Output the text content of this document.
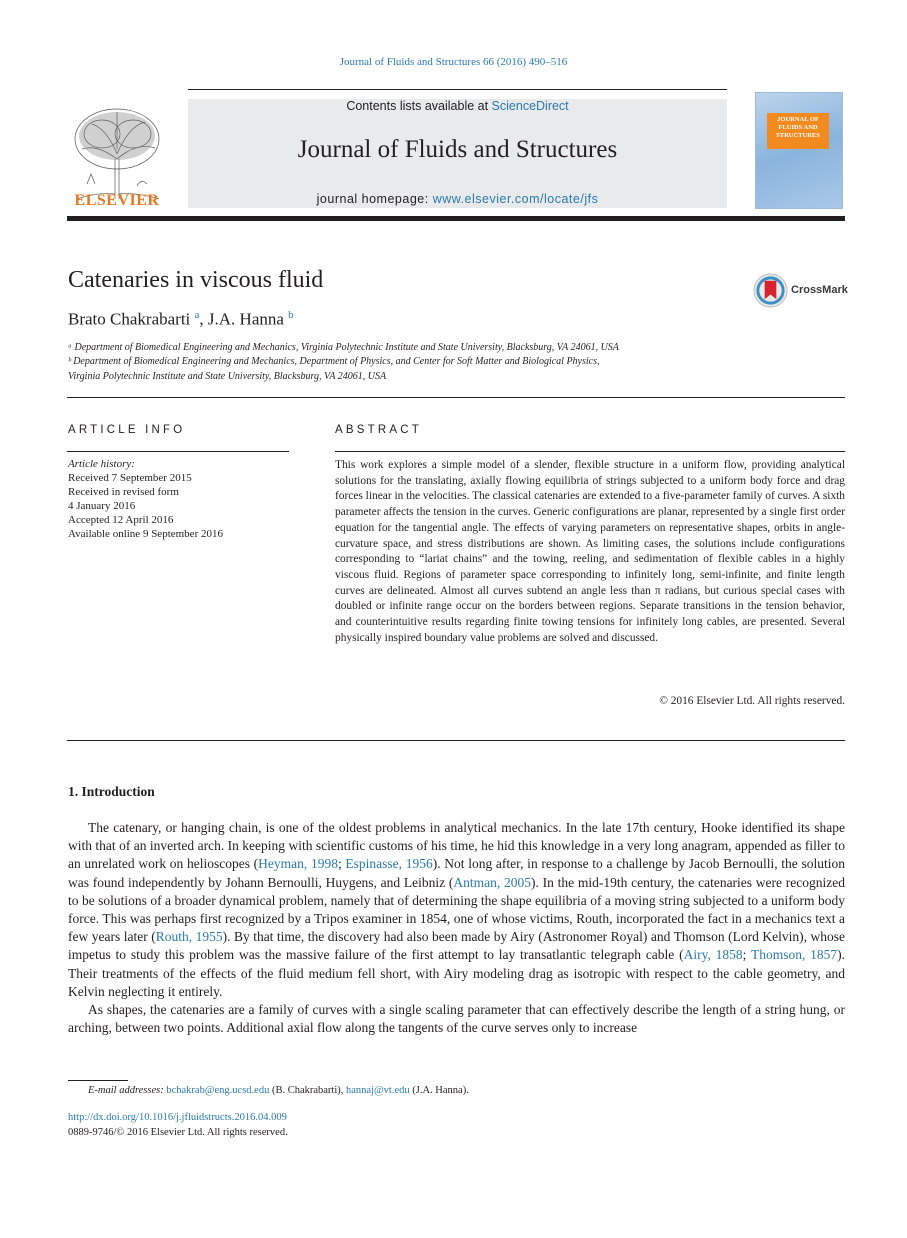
Journal of Fluids and Structures 66 (2016) 490–516
ELSEVIER
Contents lists available at ScienceDirect
Journal of Fluids and Structures
journal homepage: www.elsevier.com/locate/jfs
JOURNAL OF FLUIDS AND STRUCTURES
Catenaries in viscous fluid	CrossMark
Brato Chakrabarti $^a$, J.A. Hanna $^b$
ᵃ Department of Biomedical Engineering and Mechanics, Virginia Polytechnic Institute and State University, Blacksburg, VA 24061, USA
ᵇ Department of Biomedical Engineering and Mechanics, Department of Physics, and Center for Soft Matter and Biological Physics,
Virginia Polytechnic Institute and State University, Blacksburg, VA 24061, USA
ARTICLE INFO
Article history:
Received 7 September 2015
Received in revised form
4 January 2016
Accepted 12 April 2016
Available online 9 September 2016
ABSTRACT
This work explores a simple model of a slender, flexible structure in a uniform flow, providing analytical solutions for the translating, axially flowing equilibria of strings subjected to a uniform body force and drag forces linear in the velocities. The classical catenaries are extended to a five-parameter family of curves. A sixth parameter affects the tension in the curves. Generic configurations are planar, represented by a single first order equation for the tangential angle. The effects of varying parameters on representative shapes, orbits in angle-curvature space, and stress distributions are shown. As limiting cases, the solutions include configurations corresponding to “lariat chains” and the towing, reeling, and sedimentation of flexible cables in a highly viscous fluid. Regions of parameter space corresponding to infinitely long, semi-infinite, and finite length curves are delineated. Almost all curves subtend an angle less than π radians, but curious special cases with doubled or infinite range occur on the borders between regions. Separate transitions in the tension behavior, and counterintuitive results regarding finite towing tensions for infinitely long cables, are presented. Several physically inspired boundary value problems are solved and discussed.
© 2016 Elsevier Ltd. All rights reserved.
1. Introduction

The catenary, or hanging chain, is one of the oldest problems in analytical mechanics. In the late 17th century, Hooke identified its shape with that of an inverted arch. In keeping with scientific customs of his time, he hid this knowledge in a very long anagram, appended as filler to an unrelated work on helioscopes (Heyman, 1998; Espinasse, 1956). Not long after, in response to a challenge by Jacob Bernoulli, the solution was found independently by Johann Bernoulli, Huygens, and Leibniz (Antman, 2005). In the mid-19th century, the catenaries were recognized to be solutions of a broader dynamical problem, namely that of determining the shape equilibria of a moving string subjected to a uniform body force. This was perhaps first recognized by a Tripos examiner in 1854, one of whose victims, Routh, incorporated the fact in a mechanics text a few years later (Routh, 1955). By that time, the discovery had also been made by Airy (Astronomer Royal) and Thomson (Lord Kelvin), whose impetus to study this problem was the massive failure of the first attempt to lay transatlantic telegraph cable (Airy, 1858; Thomson, 1857). Their treatments of the effects of the fluid medium fell short, with Airy modeling drag as isotropic with respect to the cable geometry, and Kelvin neglecting it entirely.

As shapes, the catenaries are a family of curves with a single scaling parameter that can effectively describe the length of a string hung, or arching, between two points. Additional axial flow along the tangents of the curve serves only to increase

E-mail addresses: bchakrab@eng.ucsd.edu (B. Chakrabarti), hannaj@vt.edu (J.A. Hanna).
http://dx.doi.org/10.1016/j.jfluidstructs.2016.04.009
0889-9746/© 2016 Elsevier Ltd. All rights reserved.
